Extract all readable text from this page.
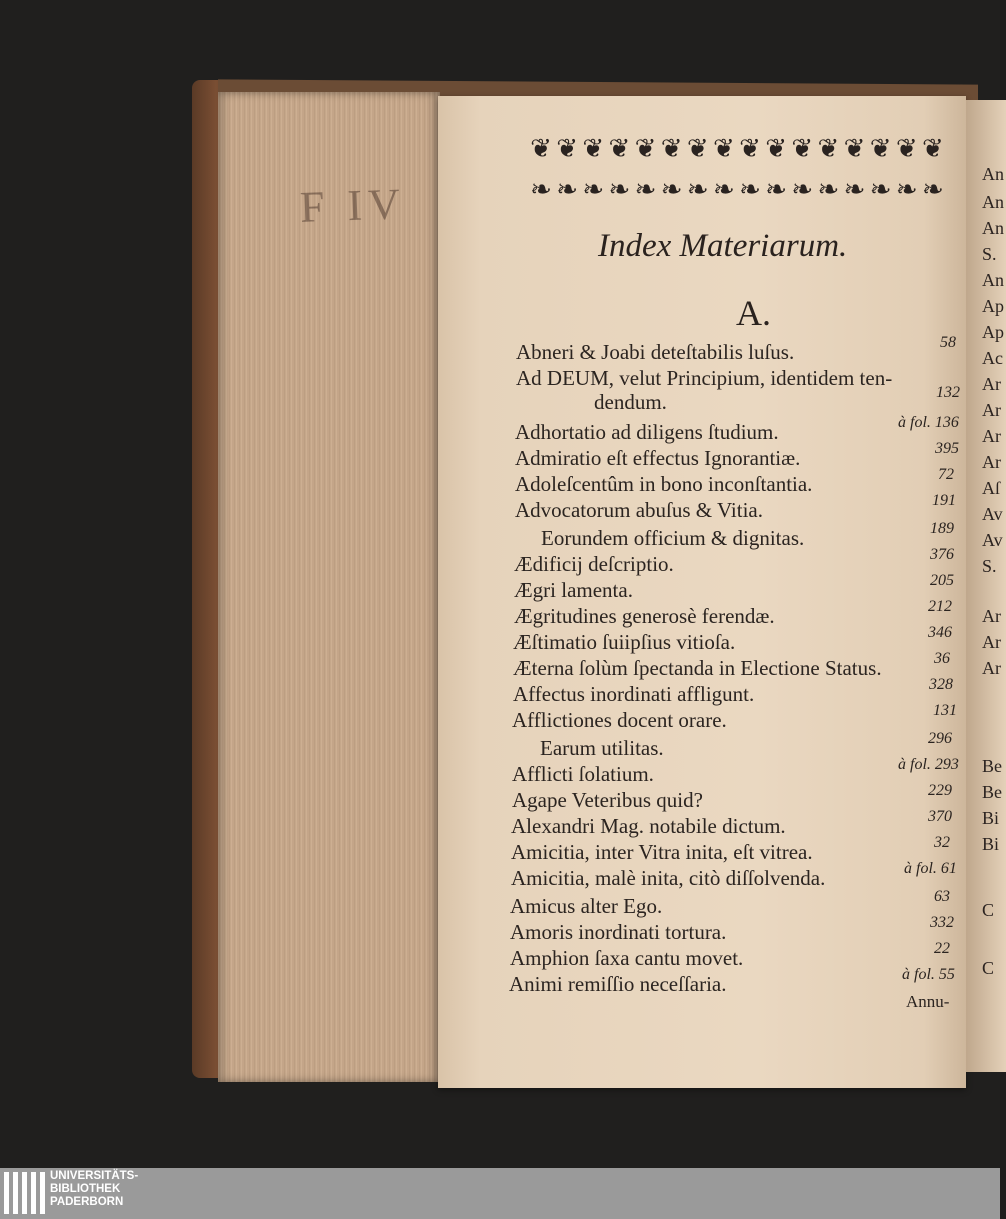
F IV
An
An
An
S.
An
Ap
Ap
Ac
Ar
Ar
Ar
Ar
Aſ
Av
Av
S.
Ar
Ar
Ar
Be
Be
Bi
Bi
C
C
❦ ❦ ❦ ❦ ❦ ❦ ❦ ❦ ❦ ❦ ❦ ❦ ❦ ❦ ❦ ❦
❧ ❧ ❧ ❧ ❧ ❧ ❧ ❧ ❧ ❧ ❧ ❧ ❧ ❧ ❧ ❧
Index Materiarum.
A.
Abneri & Joabi deteſtabilis luſus.	58
Ad DEUM, velut Principium, identidem ten-
dendum.	132
Adhortatio ad diligens ſtudium.	à fol. 136
Admiratio eſt effectus Ignorantiæ.	395
Adoleſcentûm in bono inconſtantia.	72
Advocatorum abuſus & Vitia.	191
Eorundem officium & dignitas.	189
Ædificij deſcriptio.	376
Ægri lamenta.	205
Ægritudines generosè ferendæ.	212
Æſtimatio ſuiipſius vitioſa.	346
Æterna ſolùm ſpectanda in Electione Status.	36
Affectus inordinati affligunt.	328
Afflictiones docent orare.	131
Earum utilitas.	296
Afflicti ſolatium.	à fol. 293
Agape Veteribus quid?	229
Alexandri Mag. notabile dictum.	370
Amicitia, inter Vitra inita, eſt vitrea.	32
Amicitia, malè inita, citò diſſolvenda.	à fol. 61
Amicus alter Ego.	63
Amoris inordinati tortura.	332
Amphion ſaxa cantu movet.	22
Animi remiſſio neceſſaria.	à fol. 55
Annu-
UNIVERSITÄTS-
BIBLIOTHEK
PADERBORN
